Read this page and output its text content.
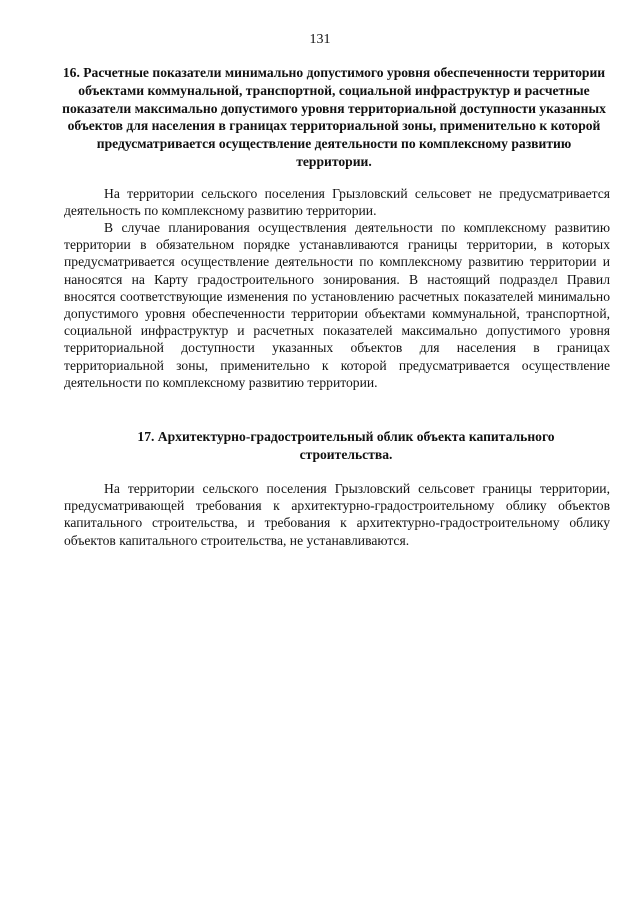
131
16. Расчетные показатели минимально допустимого уровня обеспеченности территории объектами коммунальной, транспортной, социальной инфраструктур и расчетные показатели максимально допустимого уровня территориальной доступности указанных объектов для населения в границах территориальной зоны, применительно к которой предусматривается осуществление деятельности по комплексному развитию территории.

На территории сельского поселения Грызловский сельсовет не предусматривается деятельность по комплексному развитию территории.

В случае планирования осуществления деятельности по комплексному развитию территории в обязательном порядке устанавливаются границы территории, в которых предусматривается осуществление деятельности по комплексному развитию территории и наносятся на Карту градостроительного зонирования. В настоящий подраздел Правил вносятся соответствующие изменения по установлению расчетных показателей минимально допустимого уровня обеспеченности территории объектами коммунальной, транспортной, социальной инфраструктур и расчетных показателей максимально допустимого уровня территориальной доступности указанных объектов для населения в границах территориальной зоны, применительно к которой предусматривается осуществление деятельности по комплексному развитию территории.

17. Архитектурно-градостроительный облик объекта капитального строительства.

На территории сельского поселения Грызловский сельсовет границы территории, предусматривающей требования к архитектурно-градостроительному облику объектов капитального строительства, и требования к архитектурно-градостроительному облику объектов капитального строительства, не устанавливаются.
